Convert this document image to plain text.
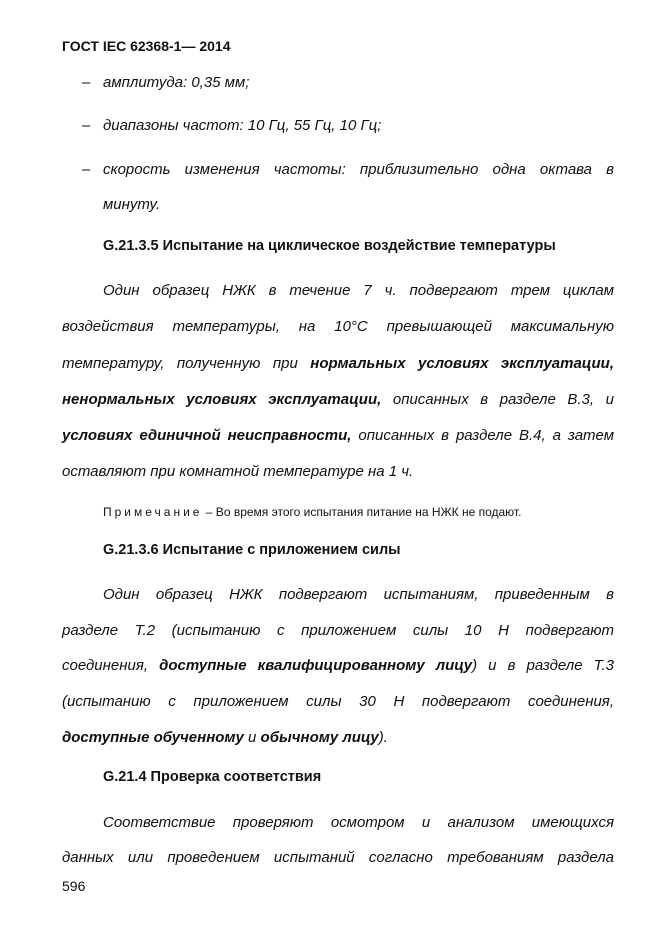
ГОСТ IEC 62368-1— 2014
– амплитуда: 0,35 мм;
– диапазоны частот: 10 Гц, 55 Гц, 10 Гц;
– скорость изменения частоты: приблизительно одна октава в
минуту.
G.21.3.5 Испытание на циклическое воздействие температуры
Один образец НЖК в течение 7 ч. подвергают трем циклам
воздействия температуры, на 10°С превышающей максимальную
температуру, полученную при нормальных условиях эксплуатации,
ненормальных условиях эксплуатации, описанных в разделе В.3, и
условиях единичной неисправности, описанных в разделе В.4, а затем
оставляют при комнатной температуре на 1 ч.
Примечание – Во время этого испытания питание на НЖК не подают.
G.21.3.6 Испытание с приложением силы
Один образец НЖК подвергают испытаниям, приведенным в
разделе Т.2 (испытанию с приложением силы 10 Н подвергают
соединения, доступные квалифицированному лицу) и в разделе Т.3
(испытанию с приложением силы 30 Н подвергают соединения,
доступные обученному и обычному лицу).
G.21.4 Проверка соответствия
Соответствие проверяют осмотром и анализом имеющихся
данных или проведением испытаний согласно требованиям раздела
596
